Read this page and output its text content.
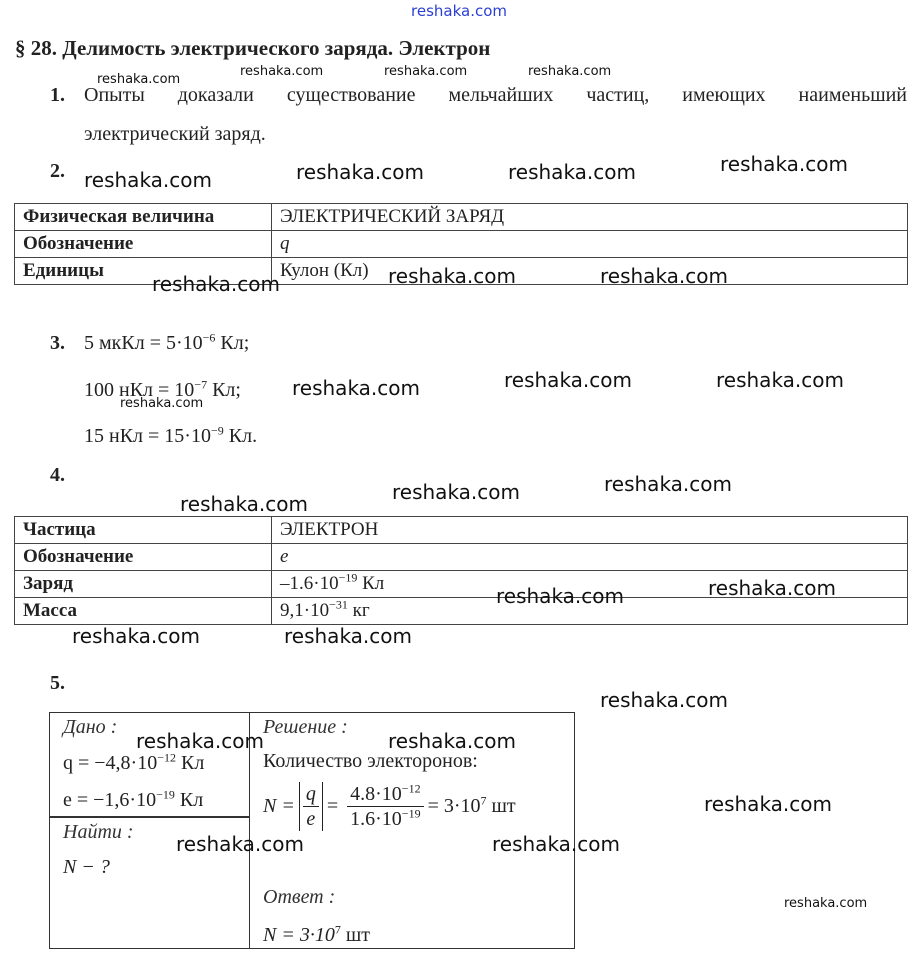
reshaka.com
§ 28. Делимость электрического заряда. Электрон
1. Опыты доказали существование мельчайших частиц, имеющих наименьший
электрический заряд.
2.
Физическая величина	ЭЛЕКТРИЧЕСКИЙ ЗАРЯД
Обозначение	q
Единицы	Кулон (Кл)
3. 5 мкКл = $5\cdot 10^{-6}$ Кл;
100 нКл = $10^{-7}$ Кл;
15 нКл = $15\cdot 10^{-9}$ Кл.
4.
Частица	ЭЛЕКТРОН
Обозначение	e
Заряд	$-1.6\cdot 10^{-19}$ Кл
Масса	$9,1\cdot 10^{-31}$ кг
5.
Дано :
$q = -4,8\cdot 10^{-12}$ Кл
$e = -1,6\cdot 10^{-19}$ Кл
Найти :
N − ?
Решение :
Количество электоронов:
$N = \frac{q}{e} = \frac{4.8\cdot 10^{-12}}{1.6\cdot 10^{-19}} = 3\cdot 10^7$ шт
Ответ :
$N = 3\cdot 10^7$ шт
reshaka.com
reshaka.com	reshaka.com	reshaka.com
reshaka.com	reshaka.com	reshaka.com	reshaka.com
reshaka.com	reshaka.com	reshaka.com
reshaka.com	reshaka.com	reshaka.com
reshaka.com
reshaka.com	reshaka.com	reshaka.com
reshaka.com	reshaka.com
reshaka.com	reshaka.com
reshaka.com
reshaka.com	reshaka.com
reshaka.com
reshaka.com	reshaka.com
reshaka.com
